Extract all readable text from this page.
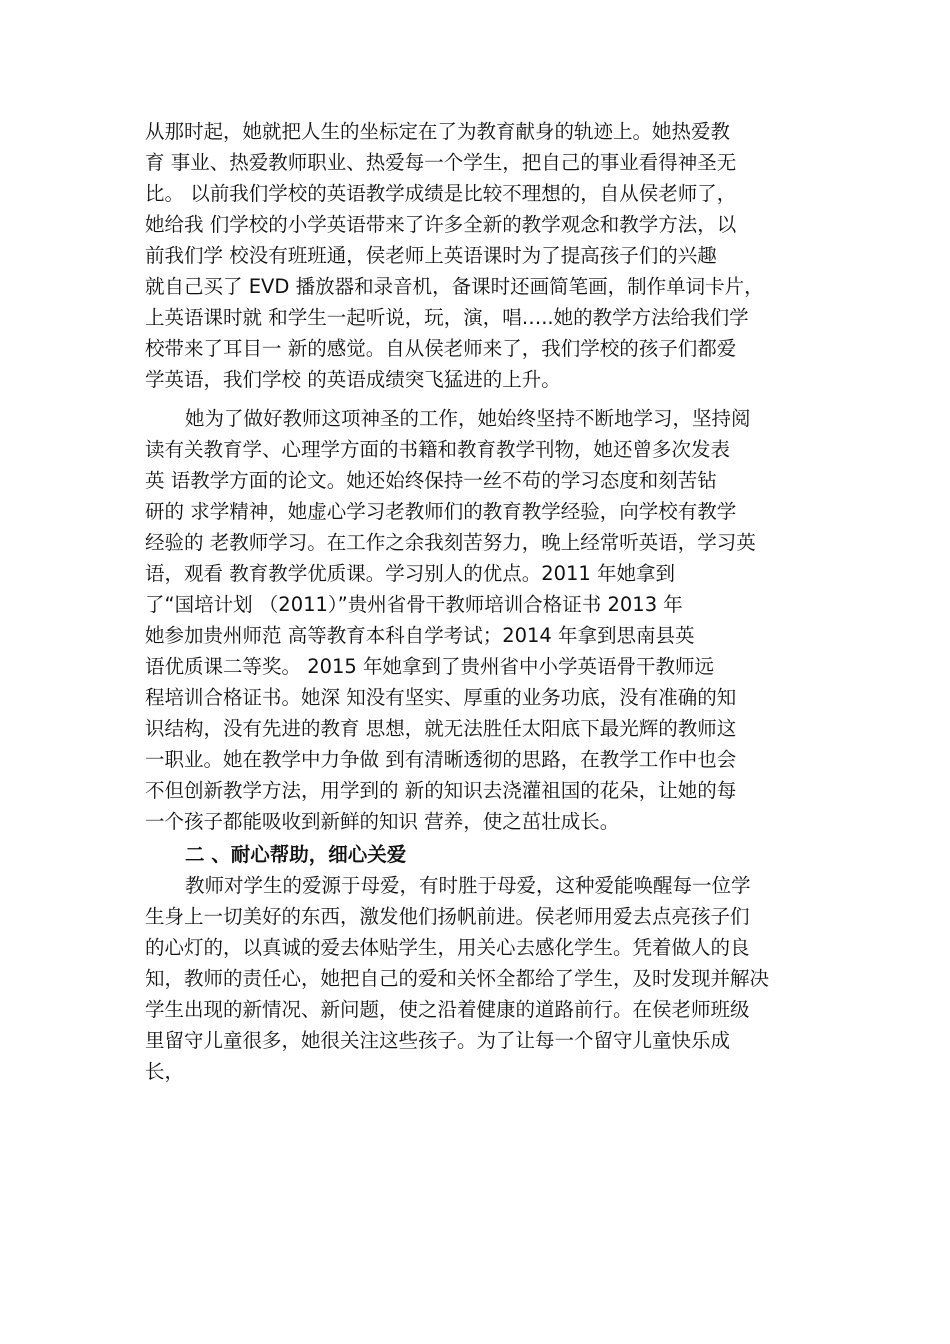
从那时起，她就把人生的坐标定在了为教育献身的轨迹上。她热爱教
育 事业、热爱教师职业、热爱每一个学生，把自己的事业看得神圣无
比。 以前我们学校的英语教学成绩是比较不理想的，自从侯老师了，
她给我 们学校的小学英语带来了许多全新的教学观念和教学方法，以
前我们学 校没有班班通，侯老师上英语课时为了提高孩子们的兴趣
就自己买了 EVD 播放器和录音机，备课时还画简笔画，制作单词卡片，
上英语课时就 和学生一起听说，玩，演，唱…..她的教学方法给我们学
校带来了耳目一 新的感觉。自从侯老师来了，我们学校的孩子们都爱
学英语，我们学校 的英语成绩突飞猛进的上升。
她为了做好教师这项神圣的工作，她始终坚持不断地学习，坚持阅
读有关教育学、心理学方面的书籍和教育教学刊物，她还曾多次发表
英 语教学方面的论文。她还始终保持一丝不苟的学习态度和刻苦钻
研的 求学精神，她虚心学习老教师们的教育教学经验，向学校有教学
经验的 老教师学习。在工作之余我刻苦努力，晚上经常听英语，学习英
语，观看 教育教学优质课。学习别人的优点。2011 年她拿到
了“国培计划 （2011）”贵州省骨干教师培训合格证书 2013 年
她参加贵州师范 高等教育本科自学考试；2014 年拿到思南县英
语优质课二等奖。 2015 年她拿到了贵州省中小学英语骨干教师远
程培训合格证书。她深 知没有坚实、厚重的业务功底，没有准确的知
识结构，没有先进的教育 思想，就无法胜任太阳底下最光辉的教师这
一职业。她在教学中力争做 到有清晰透彻的思路，在教学工作中也会
不但创新教学方法，用学到的 新的知识去浇灌祖国的花朵，让她的每
一个孩子都能吸收到新鲜的知识 营养，使之茁壮成长。
二 、耐心帮助，细心关爱
教师对学生的爱源于母爱，有时胜于母爱，这种爱能唤醒每一位学
生身上一切美好的东西，激发他们扬帆前进。侯老师用爱去点亮孩子们
的心灯的，以真诚的爱去体贴学生，用关心去感化学生。凭着做人的良
知，教师的责任心，她把自己的爱和关怀全都给了学生，及时发现并解决
学生出现的新情况、新问题，使之沿着健康的道路前行。在侯老师班级
里留守儿童很多，她很关注这些孩子。为了让每一个留守儿童快乐成
长，
